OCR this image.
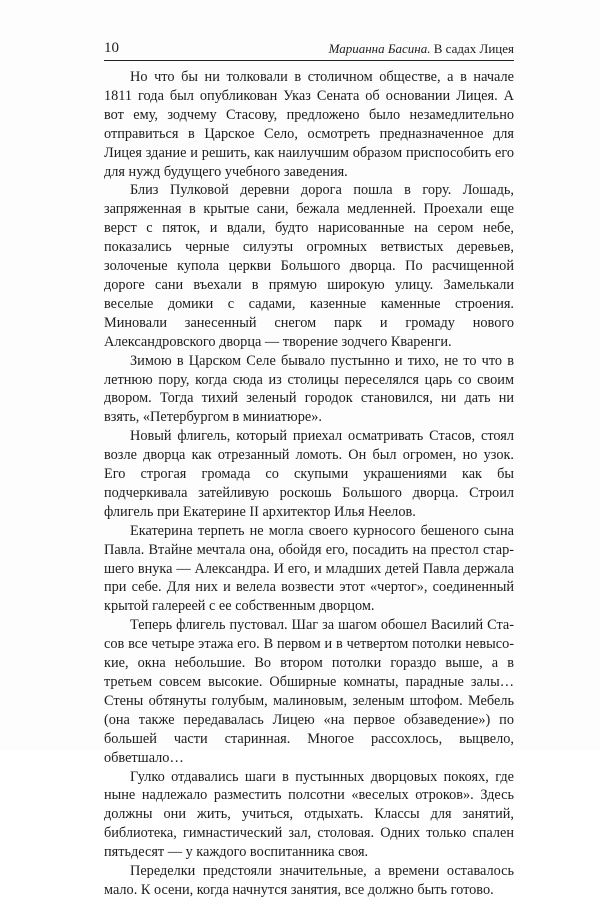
10	Марианна Басина. В садах Лицея

Но что бы ни толковали в столичном обществе, а в начале 1811 года был опубликован Указ Сената об основании Лицея. А вот ему, зодчему Стасову, предложено было незамедлительно отправиться в Царское Село, осмотреть предназначенное для Лицея здание и решить, как наилучшим образом приспособить его для нужд будущего учебного заведения.

Близ Пулковой деревни дорога пошла в гору. Лошадь, запряженная в крытые сани, бежала медленней. Проехали еще верст с пяток, и вдали, будто нарисованные на сером небе, показались черные силуэты огромных ветвистых деревьев, золоченые купола церкви Большого дворца. По расчищенной дороге сани въехали в прямую широкую улицу. Замелькали веселые домики с садами, казенные каменные строения. Миновали занесенный снегом парк и громаду нового Александровского дворца — творение зодчего Кваренги.

Зимою в Царском Селе бывало пустынно и тихо, не то что в летнюю пору, когда сюда из столицы переселялся царь со своим двором. Тогда тихий зеленый городок становился, ни дать ни взять, «Петербургом в миниатюре».

Новый флигель, который приехал осматривать Стасов, стоял возле дворца как отрезанный ломоть. Он был огромен, но узок. Его строгая громада со скупыми украшениями как бы подчеркивала затейливую роскошь Большого дворца. Строил флигель при Екатерине II архитектор Илья Неелов.

Екатерина терпеть не могла своего курносого бешеного сына Павла. Втайне мечтала она, обойдя его, посадить на престол старшего внука — Александра. И его, и младших детей Павла держала при себе. Для них и велела возвести этот «чертог», соединенный крытой галереей с ее собственным дворцом.

Теперь флигель пустовал. Шаг за шагом обошел Василий Стасов все четыре этажа его. В первом и в четвертом потолки невысокие, окна небольшие. Во втором потолки гораздо выше, а в третьем совсем высокие. Обширные комнаты, парадные залы… Стены обтянуты голубым, малиновым, зеленым штофом. Мебель (она также передавалась Лицею «на первое обзаведение») по большей части старинная. Многое рассохлось, выцвело, обветшало…

Гулко отдавались шаги в пустынных дворцовых покоях, где ныне надлежало разместить полсотни «веселых отроков». Здесь должны они жить, учиться, отдыхать. Классы для занятий, библиотека, гимнастический зал, столовая. Одних только спален пятьдесят — у каждого воспитанника своя.

Переделки предстояли значительные, а времени оставалось мало. К осени, когда начнутся занятия, все должно быть готово.
